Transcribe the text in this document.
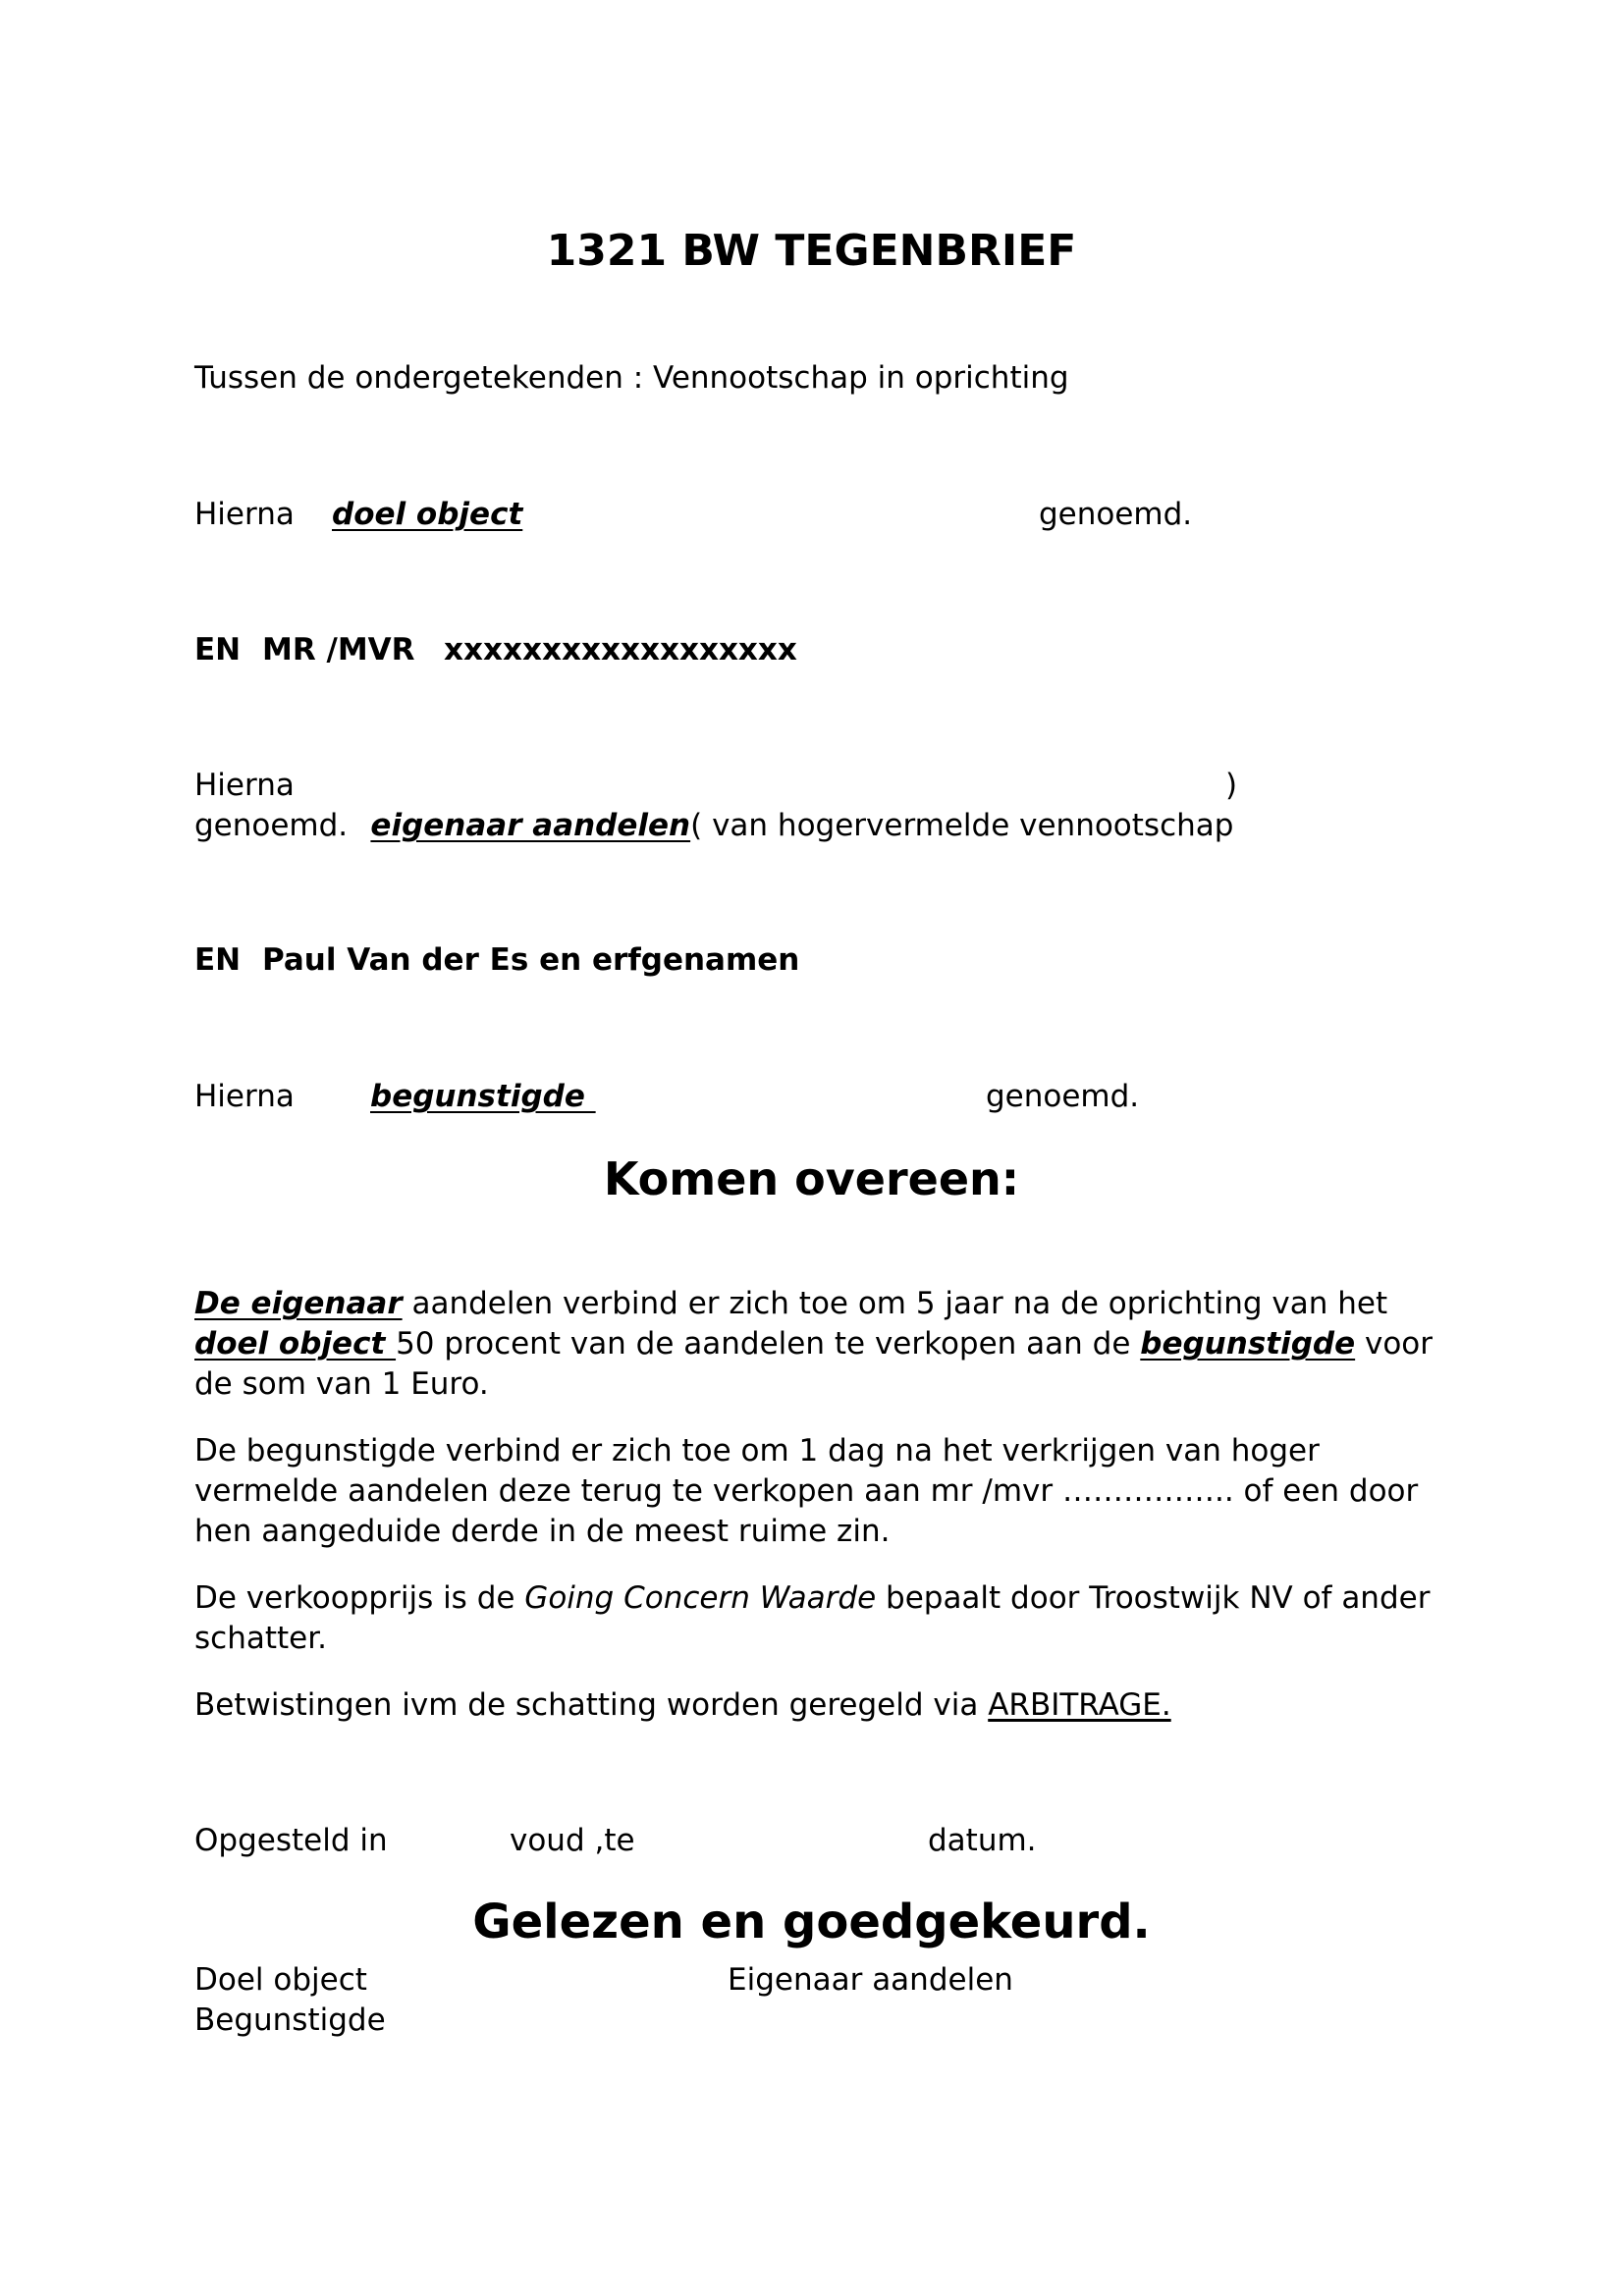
1321 BW TEGENBRIEF
Tussen de ondergetekenden : Vennootschap in oprichting
Hierna doel object	genoemd.
EN MR /MVR xxxxxxxxxxxxxxxxxx
Hierna

eigenaar aandelen( van hogervermelde vennootschap

)
genoemd.
EN Paul Van der Es en erfgenamen
Hierna begunstigde	genoemd.
Komen overeen:

De eigenaar aandelen verbind er zich toe om 5 jaar na de oprichting van het

doel object 50 procent van de aandelen te verkopen aan de begunstigde voor

de som van 1 Euro.

De begunstigde verbind er zich toe om 1 dag na het verkrijgen van hoger

vermelde aandelen deze terug te verkopen aan mr /mvr …………….. of een door

hen aangeduide derde in de meest ruime zin.

De verkoopprijs is de Going Concern Waarde bepaalt door Troostwijk NV of ander

schatter.

Betwistingen ivm de schatting worden geregeld via ARBITRAGE.

Opgesteld in	voud ,te	datum.
Gelezen en goedgekeurd.
Doel object	Eigenaar aandelen
Begunstigde
